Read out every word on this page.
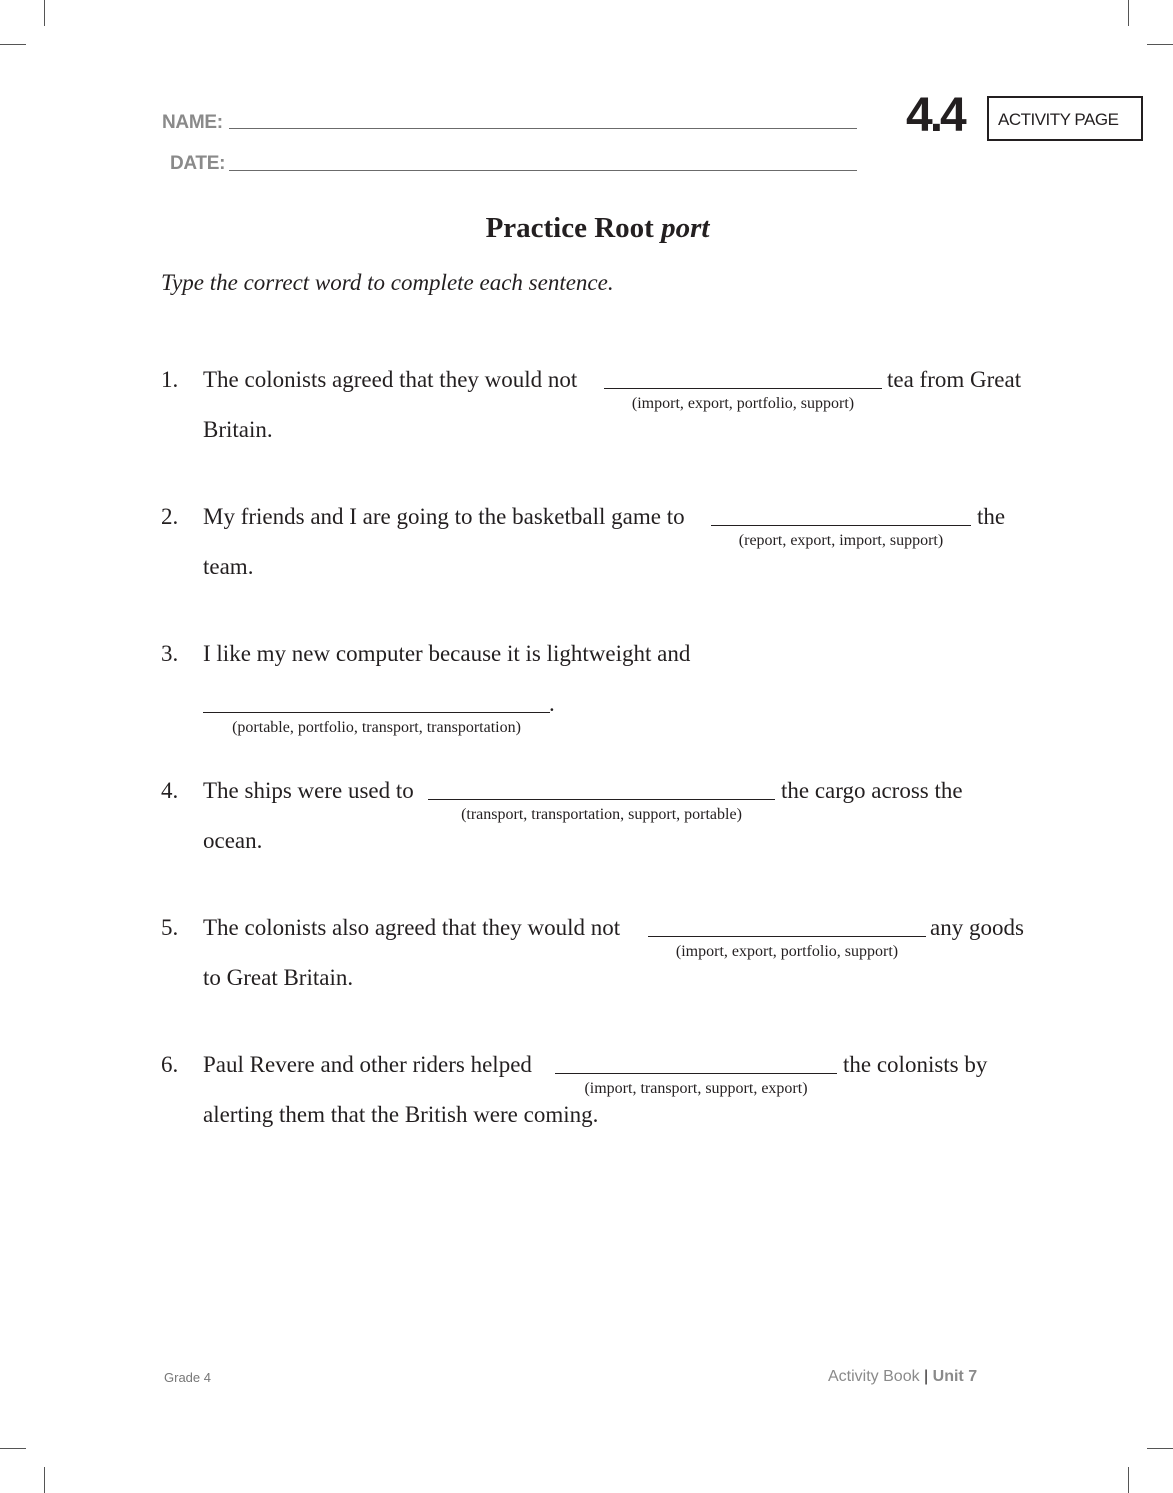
NAME:
DATE:
4.4	ACTIVITY PAGE
Practice Root port
Type the correct word to complete each sentence.
1. The colonists agreed that they would not
(import, export, portfolio, support)
tea from Great
Britain.
2. My friends and I are going to the basketball game to
(report, export, import, support)
the
team.
3. I like my new computer because it is lightweight and
.
(portable, portfolio, transport, transportation)
4. The ships were used to
(transport, transportation, support, portable)
the cargo across the
ocean.
5. The colonists also agreed that they would not
(import, export, portfolio, support)
any goods
to Great Britain.
6. Paul Revere and other riders helped
(import, transport, support, export)
the colonists by
alerting them that the British were coming.
Grade 4	Activity Book | Unit 7
